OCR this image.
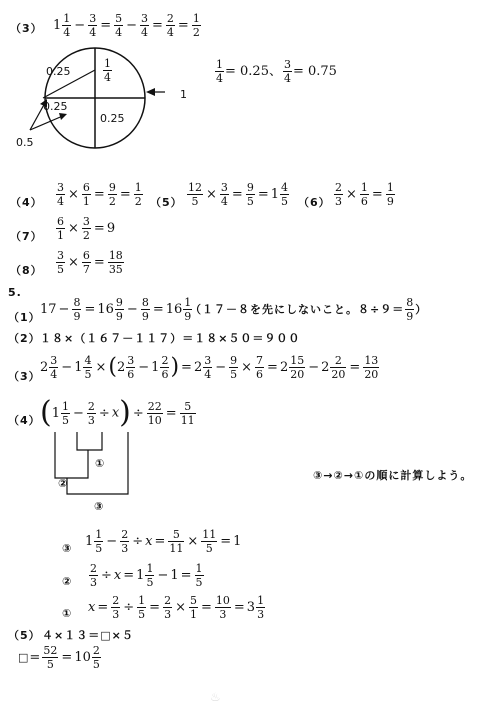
（3） 1 1
$4 - \frac{3}{4} = \frac{5}{4} - \frac{3}{4} = \frac{2}{4} = \frac{1}{2}$
0.25	$\frac{1}{4}$
0.25
0.25
1
0.5
$\frac{1}{4} = 0.25$、 $\frac{3}{4} = 0.75$
$(4) \frac{3}{4} \times \frac{6}{1} = \frac{9}{2} = \frac{1}{2} (5) \frac{12}{5} \times \frac{3}{4} = \frac{9}{5} = 1$ 4
5 $(6) \frac{2}{3} \times \frac{1}{6} = \frac{1}{9}$
$(7) \frac{6}{1} \times \frac{3}{2} = 9$
$(8) \frac{3}{5} \times \frac{6}{7} = \frac{18}{35}$
5.
（1）
$17 - \frac{8}{9} = 16$ 9
$9 - \frac{8}{9} = 16$ 1
9
（１７－８を先にしないこと。$8\div 9= \frac{8}{9}$ ）
（2） １８×（１６７－１１７）＝１８×５０＝９００
（3）
2 3
4 − 1 4
5 ×(2 3
6 − 1 2
6 ) = 2 3
$4 - \frac{9}{5} \times \frac{7}{6} = 2$ 15
20 − 2 2
$20 = \frac{13}{20}$
（4） (1 1
$5 - \frac{2}{3} \div x) \div \frac{22}{10} = \frac{5}{11}$
①
②
③
③→②→①の順に計算しよう。
③ 1 1
$5 - \frac{2}{3} \div x = \frac{5}{11} \times \frac{11}{5} = 1$
② $\frac{2}{3} \div x = 1$ 1
$5 - 1 = \frac{1}{5}$
① $x = \frac{2}{3} \div \frac{1}{5} = \frac{2}{3} \times \frac{5}{1} = \frac{10}{3} = 3$ 1
3
（5） ４×１３＝□×５
□＝ $\frac{52}{5} = 10$ 2
5
♨
